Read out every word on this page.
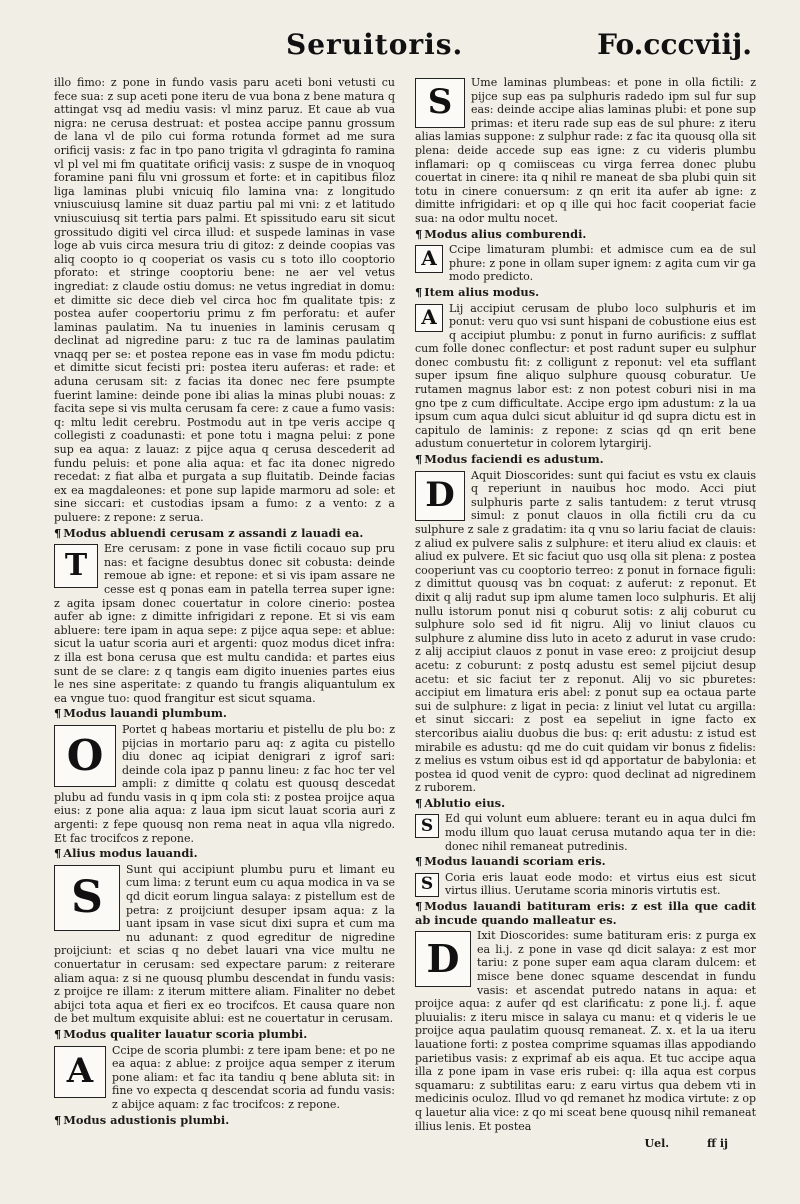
Seruitoris.	Fo.cccviij.

illo fimo: z pone in fundo vasis paru aceti boni vetusti cu fece sua: z sup aceti pone iteru de vua bona z bene matura q attingat vsq ad mediu vasis: vl minz paruz. Et caue ab vua nigra: ne cerusa destruat: et postea accipe pannu grossum de lana vl de pilo cui forma rotunda formet ad me sura orificij vasis: z fac in tpo pano trigita vl gdraginta fo ramina vl pl vel mi fm quatitate orificij vasis: z suspe de in vnoquoq foramine pani filu vni grossum et forte: et in capitibus filoz liga laminas plubi vnicuiq filo lamina vna: z longitudo vniuscuiusq lamine sit duaz partiu pal mi vni: z et latitudo vniuscuiusq sit tertia pars palmi. Et spissitudo earu sit sicut grossitudo digiti vel circa illud: et suspede laminas in vase loge ab vuis circa mesura triu di gitoz: z deinde coopias vas aliq coopto io q cooperiat os vasis cu s toto illo cooptorio pforato: et stringe cooptoriu bene: ne aer vel vetus ingrediat: z claude ostiu domus: ne vetus ingrediat in domu: et dimitte sic dece dieb vel circa hoc fm qualitate tpis: z postea aufer coopertoriu primu z fm perforatu: et aufer laminas paulatim. Na tu inuenies in laminis cerusam q declinat ad nigredine paru: z tuc ra de laminas paulatim vnaqq per se: et postea repone eas in vase fm modu pdictu: et dimitte sicut fecisti pri: postea iteru auferas: et rade: et aduna cerusam sit: z facias ita donec nec fere psumpte fuerint lamine: deinde pone ibi alias la minas plubi nouas: z facita sepe si vis multa cerusam fa cere: z caue a fumo vasis: q: mltu ledit cerebru. Postmodu aut in tpe veris accipe q collegisti z coadunasti: et pone totu i magna pelui: z pone sup ea aqua: z lauaz: z pijce aqua q cerusa descederit ad fundu peluis: et pone alia aqua: et fac ita donec nigredo recedat: z fiat alba et purgata a sup fluitatib. Deinde facias ex ea magdaleones: et pone sup lapide marmoru ad sole: et sine siccari: et custodias ipsam a fumo: z a vento: z a puluere: z repone: z serua.

¶ Modus abluendi cerusam z assandi z lauadi ea.
T	Ere cerusam: z pone in vase fictili cocauo sup pru nas: et facigne desubtus donec sit cobusta: deinde remoue ab igne: et repone: et si vis ipam assare ne cesse est q ponas eam in patella terrea super igne: z agita ipsam donec couertatur in colore cinerio: postea aufer ab igne: z dimitte infrigidari z repone. Et si vis eam abluere: tere ipam in aqua sepe: z pijce aqua sepe: et ablue: sicut la uatur scoria auri et argenti: quoz modus dicet infra: z illa est bona cerusa que est multu candida: et partes eius sunt de se clare: z q tangis eam digito inuenies partes eius le nes sine asperitate: z quando tu frangis aliquantulum ex ea vngue tuo: quod frangitur est sicut squama.

¶ Modus lauandi plumbum.
O

Portet q habeas mortariu et pistellu de plu bo: z pijcias in mortario paru aq: z agita cu pistello diu donec aq icipiat denigrari z igrof sari: deinde cola ipaz p pannu lineu: z fac hoc ter vel ampli: z dimitte q colatu est quousq descedat plubu ad fundu vasis in q ipm cola sti: z postea proijce aqua eius: z pone alia aqua: z laua ipm sicut lauat scoria auri z argenti: z fepe quousq non rema neat in aqua vlla nigredo. Et fac trocifcos z repone.

¶ Alius modus lauandi.
S

Sunt qui accipiunt plumbu puru et limant eu cum lima: z terunt eum cu aqua modica in va se qd dicit eorum lingua salaya: z pistellum est de petra: z proijciunt desuper ipsam aqua: z la uant ipsam in vase sicut dixi supra et cum ma nu adunant: z quod egreditur de nigredine proijciunt: et scias q no debet lauari vna vice multu ne conuertatur in cerusam: sed expectare parum: z reiterare aliam aqua: z si ne quousq plumbu descendat in fundu vasis: z proijce re illam: z iterum mittere aliam. Finaliter no debet abijci tota aqua et fieri ex eo trocifcos. Et causa quare non de bet multum exquisite ablui: est ne couertatur in cerusam.

¶ Modus qualiter lauatur scoria plumbi.
A

Ccipe de scoria plumbi: z tere ipam bene: et po ne ea aqua: z ablue: z proijce aqua semper z iterum pone aliam: et fac ita tandiu q bene abluta sit: in fine vo expecta q descendat scoria ad fundu vasis: z abijce aquam: z fac trocifcos: z repone.

¶ Modus adustionis plumbi.
S	Ume laminas plumbeas: et pone in olla fictili: z pijce sup eas pa sulphuris radedo ipm sul fur sup eas: deinde accipe alias laminas plubi: et pone sup primas: et iteru rade sup eas de sul phure: z iteru alias lamias suppone: z sulphur rade: z fac ita quousq olla sit plena: deide accede sup eas igne: z cu videris plumbu inflamari: op q comiisceas cu virga ferrea donec plubu couertat in cinere: ita q nihil re maneat de sba plubi quin sit totu in cinere conuersum: z qn erit ita aufer ab igne: z dimitte infrigidari: et op q ille qui hoc facit cooperiat facie sua: na odor multu nocet.

¶ Modus alius comburendi.
A	Ccipe limaturam plumbi: et admisce cum ea de sul phure: z pone in ollam super ignem: z agita cum vir ga modo predicto.

¶ Item alius modus.
A	Lij accipiut cerusam de plubo loco sulphuris et im ponut: veru quo vsi sunt hispani de cobustione eius est q accipiut plumbu: z ponut in furno aurificis: z sufflat cum folle donec conflectur: et post radunt super eu sulphur donec combustu fit: z colligunt z reponut: vel eta sufflant super ipsum fine aliquo sulphure quousq coburatur. Ue rutamen magnus labor est: z non potest coburi nisi in ma gno tpe z cum difficultate. Accipe ergo ipm adustum: z la ua ipsum cum aqua dulci sicut abluitur id qd supra dictu est in capitulo de laminis: z repone: z scias qd qn erit bene adustum conuertetur in colorem lytargirij.

¶ Modus faciendi es adustum.
D	Aquit Dioscorides: sunt qui faciut es vstu ex clauis q reperiunt in nauibus hoc modo. Acci piut sulphuris parte z salis tantudem: z terut vtrusq simul: z ponut clauos in olla fictili cru da cu sulphure z sale z gradatim: ita q vnu so lariu faciat de clauis: z aliud ex pulvere salis z sulphure: et iteru aliud ex clauis: et aliud ex pulvere. Et sic faciut quo usq olla sit plena: z postea cooperiunt vas cu cooptorio terreo: z ponut in fornace figuli: z dimittut quousq vas bn coquat: z auferut: z reponut. Et dixit q alij radut sup ipm alume tamen loco sulphuris. Et alij nullu istorum ponut nisi q coburut sotis: z alij coburut cu sulphure solo sed id fit nigru. Alij vo liniut clauos cu sulphure z alumine diss luto in aceto z adurut in vase crudo: z alij accipiut clauos z ponut in vase ereo: z proijciut desup acetu: z coburunt: z postq adustu est semel pijciut desup acetu: et sic faciut ter z reponut. Alij vo sic pburetes: accipiut em limatura eris abel: z ponut sup ea octaua parte sui de sulphure: z ligat in pecia: z liniut vel lutat cu argilla: et sinut siccari: z post ea sepeliut in igne facto ex stercoribus aialiu duobus die bus: q: erit adustu: z istud est mirabile es adustu: qd me do cuit quidam vir bonus z fidelis: z melius es vstum oibus est id qd apportatur de babylonia: et postea id quod venit de cypro: quod declinat ad nigredinem z ruborem.

¶ Ablutio eius.
S	Ed qui volunt eum abluere: terant eu in aqua dulci fm modu illum quo lauat cerusa mutando aqua ter in die: donec nihil remaneat putredinis.

¶ Modus lauandi scoriam eris.
S	Coria eris lauat eode modo: et virtus eius est sicut virtus illius. Uerutame scoria minoris virtutis est.

¶ Modus lauandi batituram eris: z est illa que cadit ab incude quando malleatur es.
D

Ixit Dioscorides: sume batituram eris: z purga ex ea li.j. z pone in vase qd dicit salaya: z est mor tariu: z pone super eam aqua claram dulcem: et misce bene donec squame descendat in fundu vasis: et ascendat putredo natans in aqua: et proijce aqua: z aufer qd est clarificatu: z pone li.j. f. aque pluuialis: z iteru misce in salaya cu manu: et q videris le ue proijce aqua paulatim quousq remaneat. Z. x. et la ua iteru lauatione forti: z postea comprime squamas illas appodiando parietibus vasis: z exprimaf ab eis aqua. Et tuc accipe aqua illa z pone ipam in vase eris rubei: q: illa aqua est corpus squamaru: z subtilitas earu: z earu virtus qua debem vti in medicinis oculoz. Illud vo qd remanet hz modica virtute: z op q lauetur alia vice: z qo mi sceat bene quousq nihil remaneat illius lenis. Et postea

Uel.	ff ij
